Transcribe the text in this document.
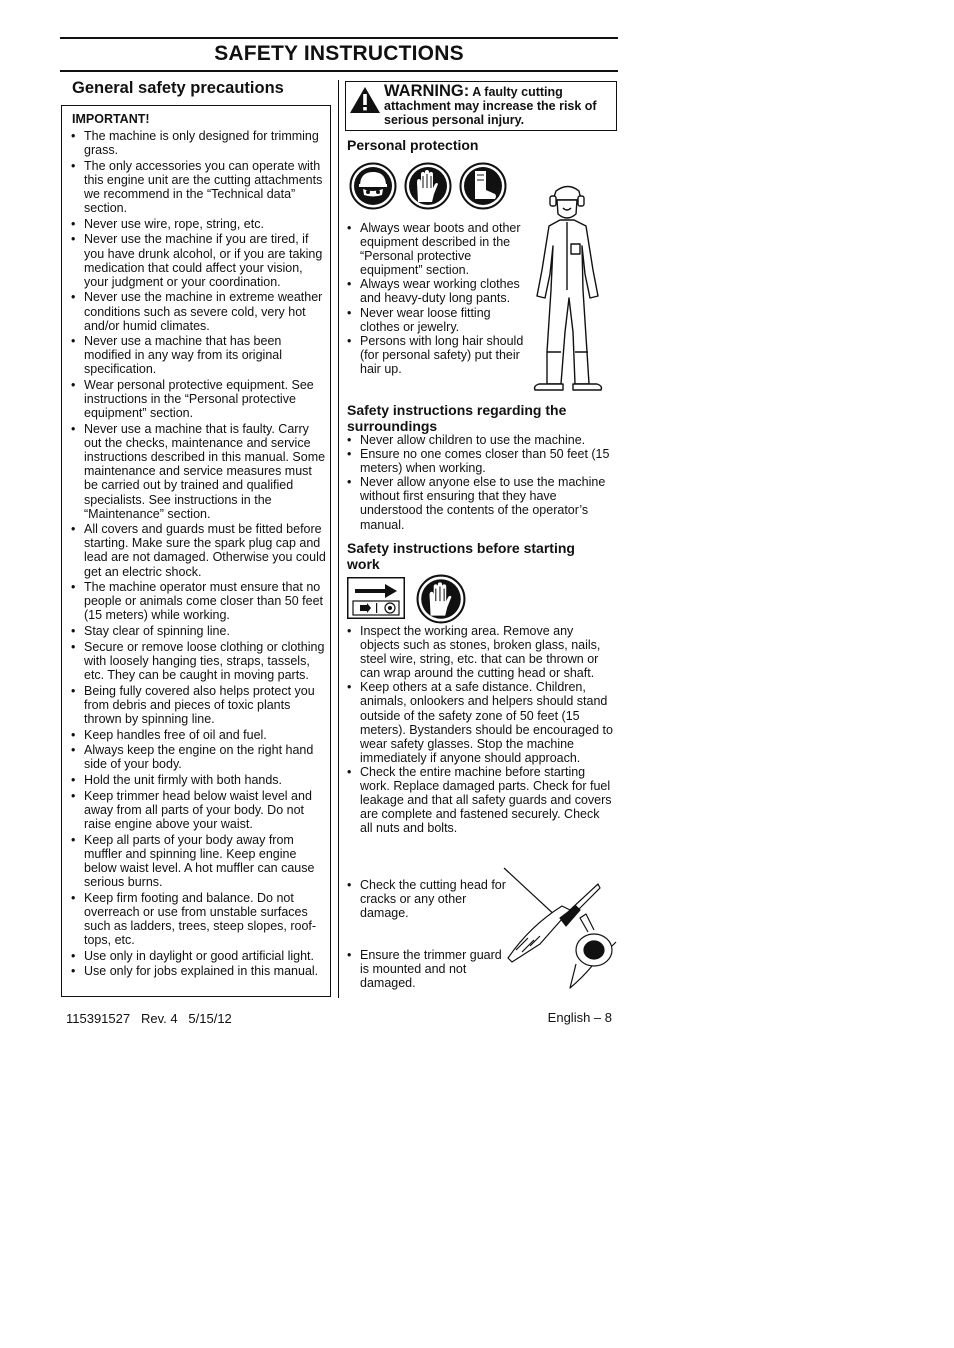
SAFETY INSTRUCTIONS
General safety precautions
IMPORTANT!
• The machine is only designed for trimming grass.
• The only accessories you can operate with this engine unit are the cutting attachments we recommend in the “Technical data” section.
• Never use wire, rope, string, etc.
• Never use the machine if you are tired, if you have drunk alcohol, or if you are taking medication that could affect your vision, your judgment or your coordination.
• Never use the machine in extreme weather conditions such as severe cold, very hot and/or humid climates.
• Never use a machine that has been modified in any way from its original specification.
• Wear personal protective equipment. See instructions in the “Personal protective equipment” section.
• Never use a machine that is faulty. Carry out the checks, maintenance and service instructions described in this manual. Some maintenance and service measures must be carried out by trained and qualified specialists. See instructions in the “Maintenance” section.
• All covers and guards must be fitted before starting. Make sure the spark plug cap and lead are not damaged. Otherwise you could get an electric shock.
• The machine operator must ensure that no people or animals come closer than 50 feet (15 meters) while working.
• Stay clear of spinning line.
• Secure or remove loose clothing or clothing with loosely hanging ties, straps, tassels, etc. They can be caught in moving parts.
• Being fully covered also helps protect you from debris and pieces of toxic plants thrown by spinning line.
• Keep handles free of oil and fuel.
• Always keep the engine on the right hand side of your body.
• Hold the unit firmly with both hands.
• Keep trimmer head below waist level and away from all parts of your body. Do not raise engine above your waist.
• Keep all parts of your body away from muffler and spinning line. Keep engine below waist level. A hot muffler can cause serious burns.
• Keep firm footing and balance. Do not overreach or use from unstable surfaces such as ladders, trees, steep slopes, roof-tops, etc.
• Use only in daylight or good artificial light.
• Use only for jobs explained in this manual.
WARNING: A faulty cutting attachment may increase the risk of serious personal injury.
Personal protection
• Always wear boots and other equipment described in the “Personal protective equipment” section.
• Always wear working clothes and heavy-duty long pants.
• Never wear loose fitting clothes or jewelry.
• Persons with long hair should (for personal safety) put their hair up.
Safety instructions regarding the surroundings
• Never allow children to use the machine.
• Ensure no one comes closer than 50 feet (15 meters) when working.
• Never allow anyone else to use the machine without first ensuring that they have understood the contents of the operator’s manual.
Safety instructions before starting work
• Inspect the working area. Remove any objects such as stones, broken glass, nails, steel wire, string, etc. that can be thrown or can wrap around the cutting head or shaft.
• Keep others at a safe distance. Children, animals, onlookers and helpers should stand outside of the safety zone of 50 feet (15 meters). Bystanders should be encouraged to wear safety glasses. Stop the machine immediately if anyone should approach.
• Check the entire machine before starting work. Replace damaged parts. Check for fuel leakage and that all safety guards and covers are complete and fastened securely. Check all nuts and bolts.
• Check the cutting head for cracks or any other damage.
• Ensure the trimmer guard is mounted and not damaged.
115391527 Rev. 4 5/15/12	English – 8
